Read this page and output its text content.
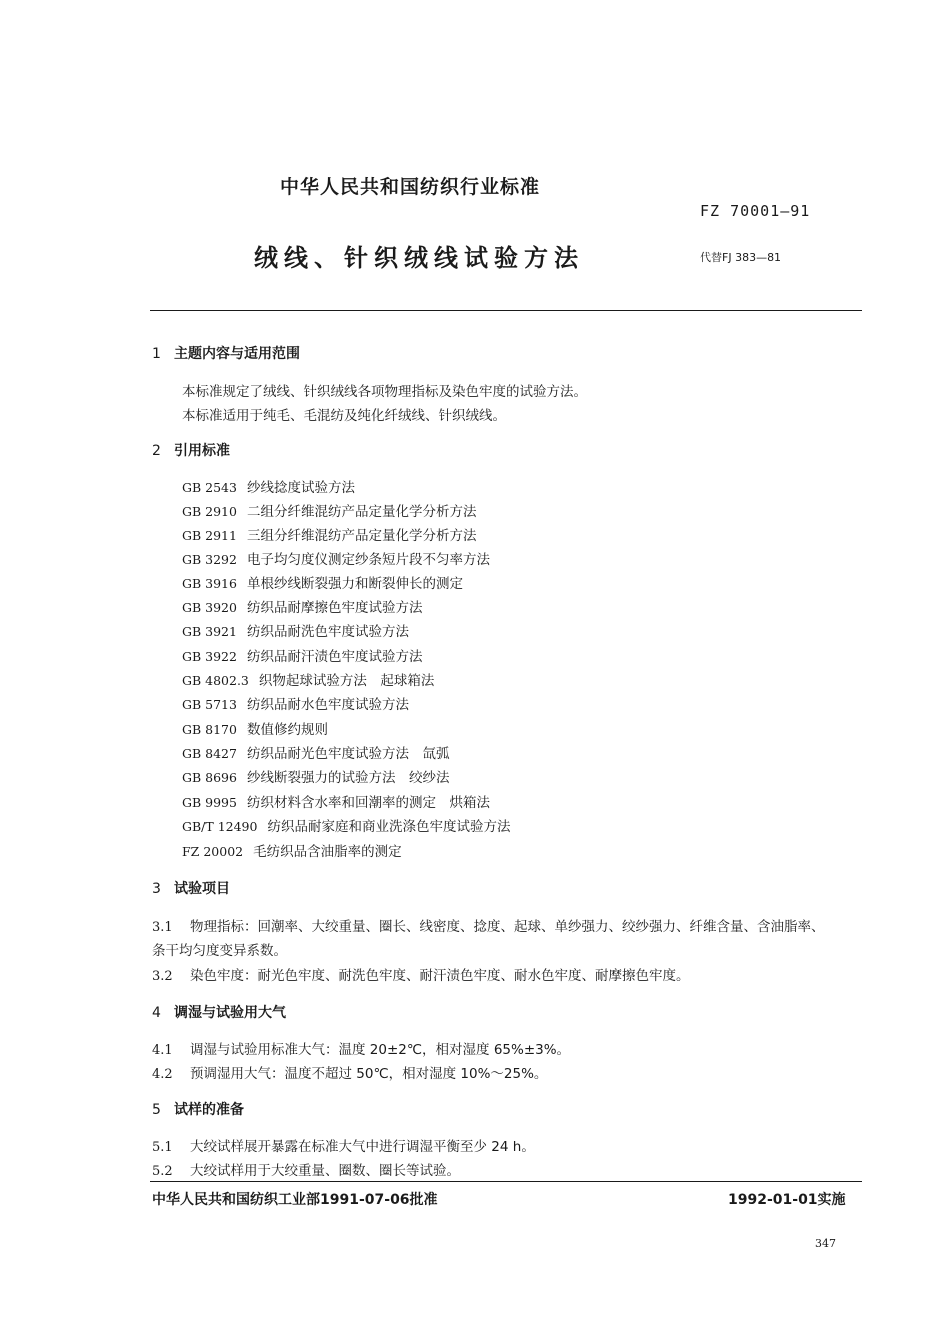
中华人民共和国纺织行业标准
FZ 70001—91
绒线、针织绒线试验方法	代替FJ 383—81
1 主题内容与适用范围
本标准规定了绒线、针织绒线各项物理指标及染色牢度的试验方法。
本标准适用于纯毛、毛混纺及纯化纤绒线、针织绒线。
2 引用标准
GB 2543 纱线捻度试验方法
GB 2910 二组分纤维混纺产品定量化学分析方法
GB 2911 三组分纤维混纺产品定量化学分析方法
GB 3292 电子均匀度仪测定纱条短片段不匀率方法
GB 3916 单根纱线断裂强力和断裂伸长的测定
GB 3920 纺织品耐摩擦色牢度试验方法
GB 3921 纺织品耐洗色牢度试验方法
GB 3922 纺织品耐汗渍色牢度试验方法
GB 4802.3 织物起球试验方法　起球箱法
GB 5713 纺织品耐水色牢度试验方法
GB 8170 数值修约规则
GB 8427 纺织品耐光色牢度试验方法　氙弧
GB 8696 纱线断裂强力的试验方法　绞纱法
GB 9995 纺织材料含水率和回潮率的测定　烘箱法
GB/T 12490 纺织品耐家庭和商业洗涤色牢度试验方法
FZ 20002 毛纺织品含油脂率的测定
3 试验项目
3.1 物理指标：回潮率、大绞重量、圈长、线密度、捻度、起球、单纱强力、绞纱强力、纤维含量、含油脂率、
条干均匀度变异系数。
3.2 染色牢度：耐光色牢度、耐洗色牢度、耐汗渍色牢度、耐水色牢度、耐摩擦色牢度。
4 调湿与试验用大气
4.1 调湿与试验用标准大气：温度 20±2℃，相对湿度 65%±3%。
4.2 预调湿用大气：温度不超过 50℃，相对湿度 10%～25%。
5 试样的准备
5.1 大绞试样展开暴露在标准大气中进行调湿平衡至少 24 h。
5.2 大绞试样用于大绞重量、圈数、圈长等试验。
中华人民共和国纺织工业部1991-07-06批准	1992-01-01实施
347
